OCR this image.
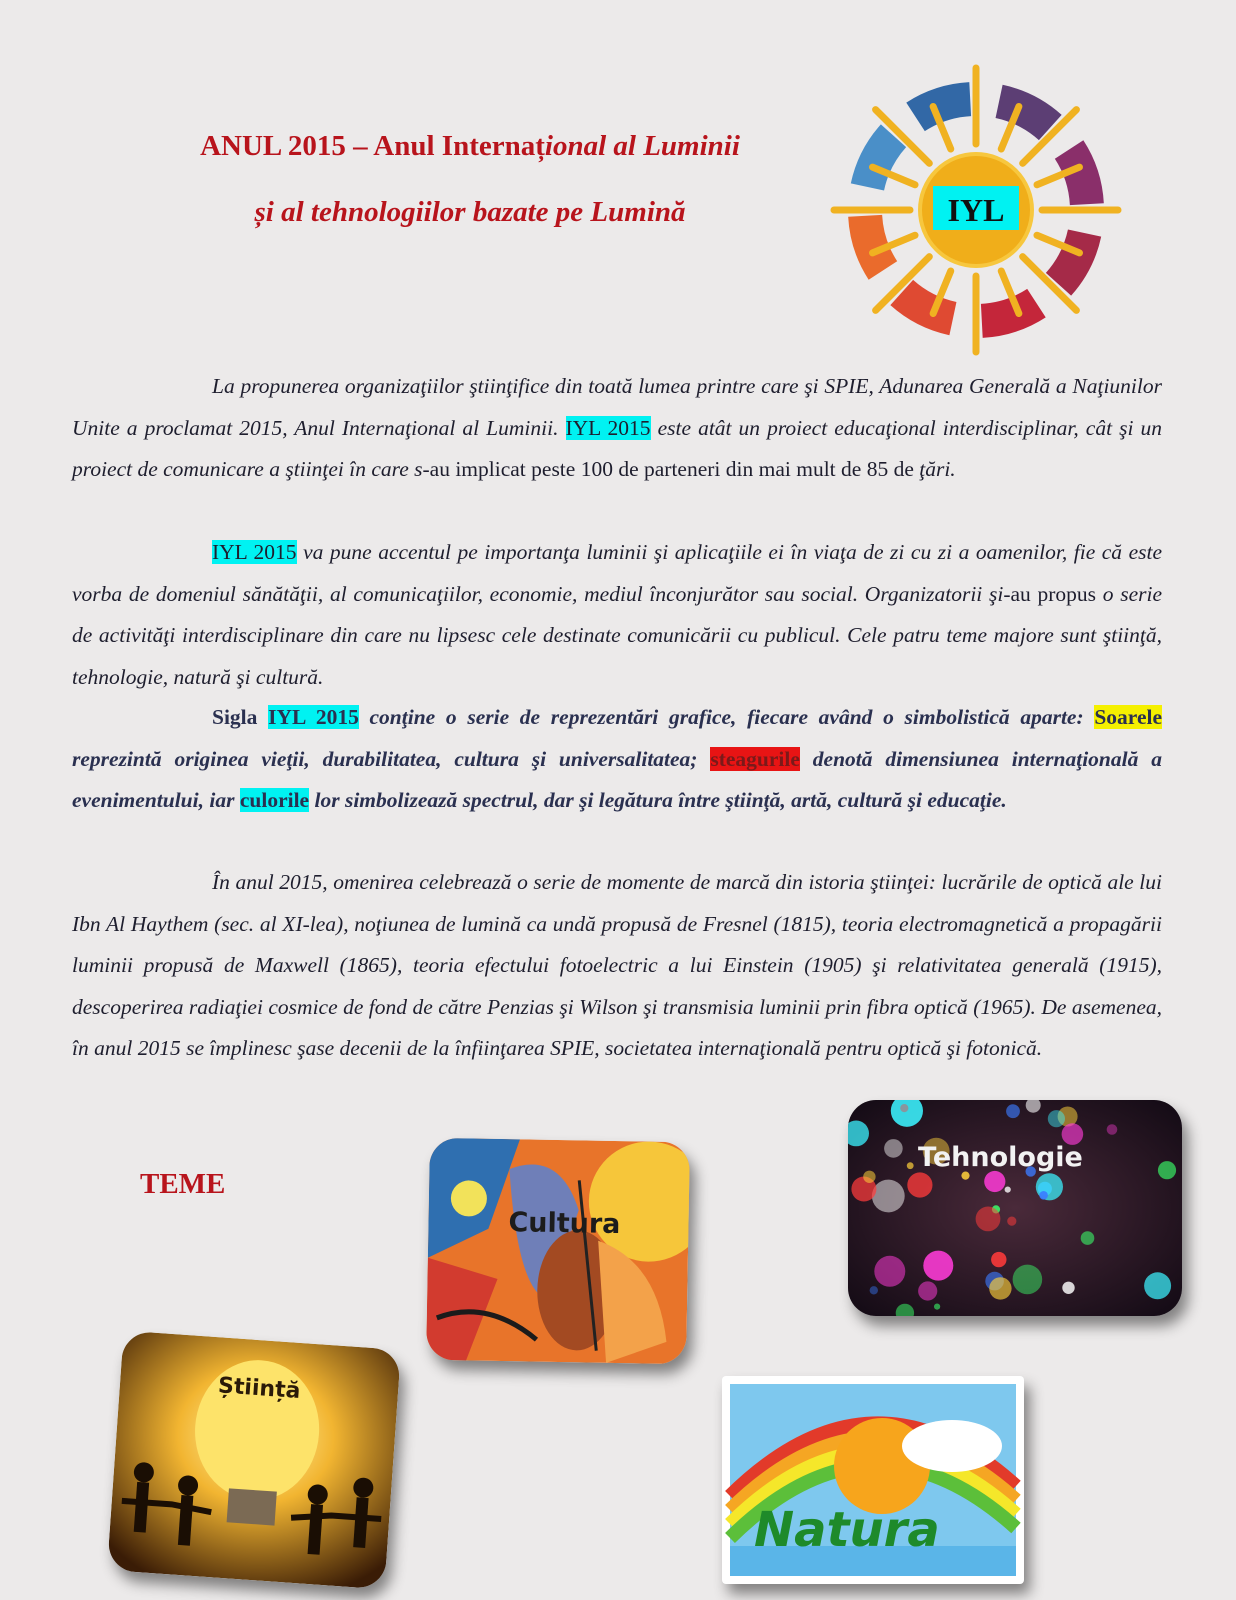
ANUL 2015 – Anul Internațional al Luminii
și al tehnologiilor bazate pe Lumină	IYL

La propunerea organizaţiilor ştiinţifice din toată lumea printre care şi SPIE, Adunarea Generală a Naţiunilor Unite a proclamat 2015, Anul Internaţional al Luminii. IYL 2015 este atât un proiect educaţional interdisciplinar, cât şi un proiect de comunicare a ştiinţei în care s-au implicat peste 100 de parteneri din mai mult de 85 de ţări.

IYL 2015 va pune accentul pe importanţa luminii şi aplicaţiile ei în viaţa de zi cu zi a oamenilor, fie că este vorba de domeniul sănătăţii, al comunicaţiilor, economie, mediul înconjurător sau social. Organizatorii şi-au propus o serie de activităţi interdisciplinare din care nu lipsesc cele destinate comunicării cu publicul. Cele patru teme majore sunt ştiinţă, tehnologie, natură şi cultură.

Sigla IYL 2015 conţine o serie de reprezentări grafice, fiecare având o simbolistică aparte: Soarele reprezintă originea vieţii, durabilitatea, cultura şi universalitatea; steagurile denotă dimensiunea internaţională a evenimentului, iar culorile lor simbolizează spectrul, dar şi legătura între ştiinţă, artă, cultură şi educaţie.

În anul 2015, omenirea celebrează o serie de momente de marcă din istoria ştiinţei: lucrările de optică ale lui Ibn Al Haythem (sec. al XI-lea), noţiunea de lumină ca undă propusă de Fresnel (1815), teoria electromagnetică a propagării luminii propusă de Maxwell (1865), teoria efectului fotoelectric a lui Einstein (1905) şi relativitatea generală (1915), descoperirea radiaţiei cosmice de fond de către Penzias şi Wilson şi transmisia luminii prin fibra optică (1965). De asemenea, în anul 2015 se împlinesc şase decenii de la înfiinţarea SPIE, societatea internaţională pentru optică şi fotonică.

TEME
Cultura
Tehnologie
Știință
Natura
